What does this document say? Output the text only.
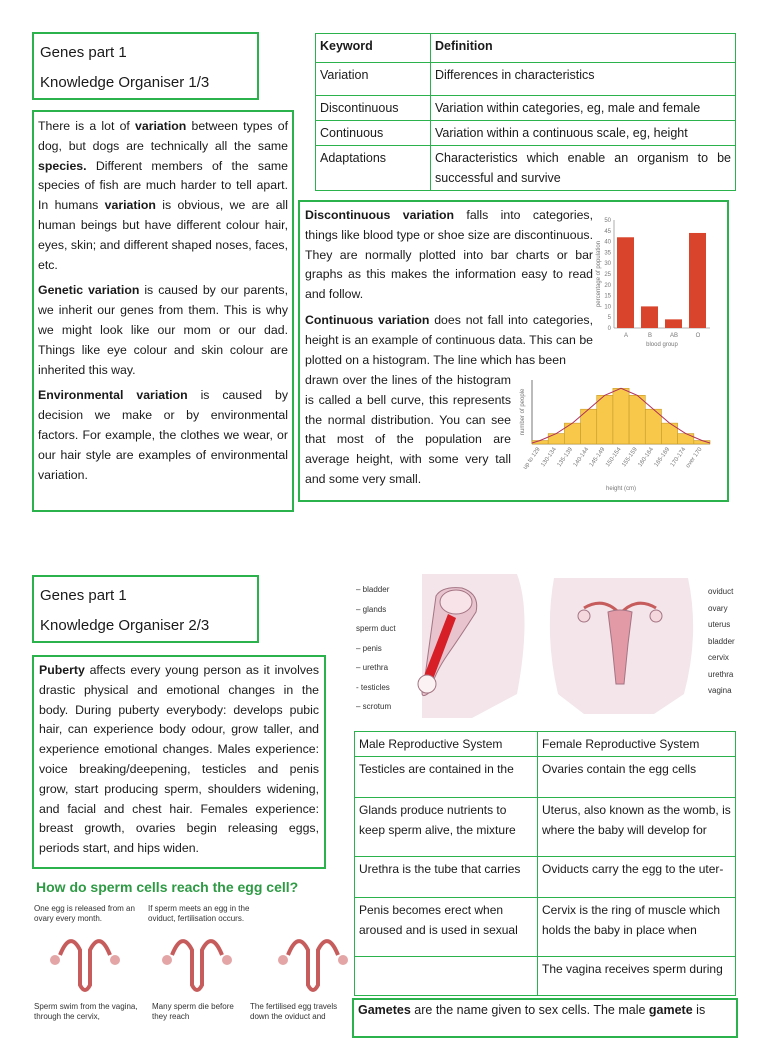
Genes part 1
Knowledge Organiser 1/3
Keyword	Definition
Variation	Differences in characteristics
Discontinuous	Variation within categories, eg, male and female
Continuous	Variation within a continuous scale, eg, height
Adaptations	Characteristics which enable an organism to be successful and survive

There is a lot of variation between types of dog, but dogs are technically all the same species. Different members of the same species of fish are much harder to tell apart. In humans variation is obvious, we are all human beings but have different colour hair, eyes, skin; and different shaped noses, faces, etc.

Genetic variation is caused by our parents, we inherit our genes from them. This is why we might look like our mom or our dad. Things like eye colour and skin colour are inherited this way.

Environmental variation is caused by decision we make or by environmental factors. For example, the clothes we wear, or our hair style are examples of environmental variation.

Discontinuous variation falls into categories, things like blood type or shoe size are discontinuous. They are normally plotted into bar charts or bar graphs as this makes the information easy to read and follow.
Continuous variation does not fall into categories, height is an example of continuous data. This can be plotted on a histogram. The line which has been
drawn over the lines of the histogram is called a bell curve, this represents the normal distribution. You can see that most of the population are average height, with some very tall and some very small.
0
5
10
15
20
25
30
35
40
45
50
A	B	AB	O
blood group
percentage of population
up to 129
130-134
135-139
140-144
145-149
150-154
155-159
160-164
165-169
170-174
over 170
height (cm)
number of people
Genes part 1
Knowledge Organiser 2/3
Puberty affects every young person as it involves drastic physical and emotional changes in the body. During puberty everybody: develops pubic hair, can experience body odour, grow taller, and experience emotional changes. Males experience: voice breaking/deepening, testicles and penis grow, start producing sperm, shoulders widening, and facial and chest hair. Females experience: breast growth, ovaries begin releasing eggs, periods start, and hips widen.
How do sperm cells reach the egg cell?
One egg is released from an ovary every month.
If sperm meets an egg in the oviduct, fertilisation occurs.
Sperm swim from the vagina, through the cervix,
Many sperm die before they reach
The fertilised egg travels down the oviduct and
– bladder
– glands
sperm duct
– penis
– urethra
- testicles
– scrotum
oviduct
ovary
uterus
bladder
cervix
urethra
vagina
Male Reproductive System	Female Reproductive System
Testicles are contained in the	Ovaries contain the egg cells
Glands produce nutrients to keep sperm alive, the mixture	Uterus, also known as the womb, is where the baby will develop for
Urethra is the tube that carries	Oviducts carry the egg to the uter-
Penis becomes erect when aroused and is used in sexual	Cervix is the ring of muscle which holds the baby in place when
	The vagina receives sperm during
Gametes are the name given to sex cells. The male gamete is
